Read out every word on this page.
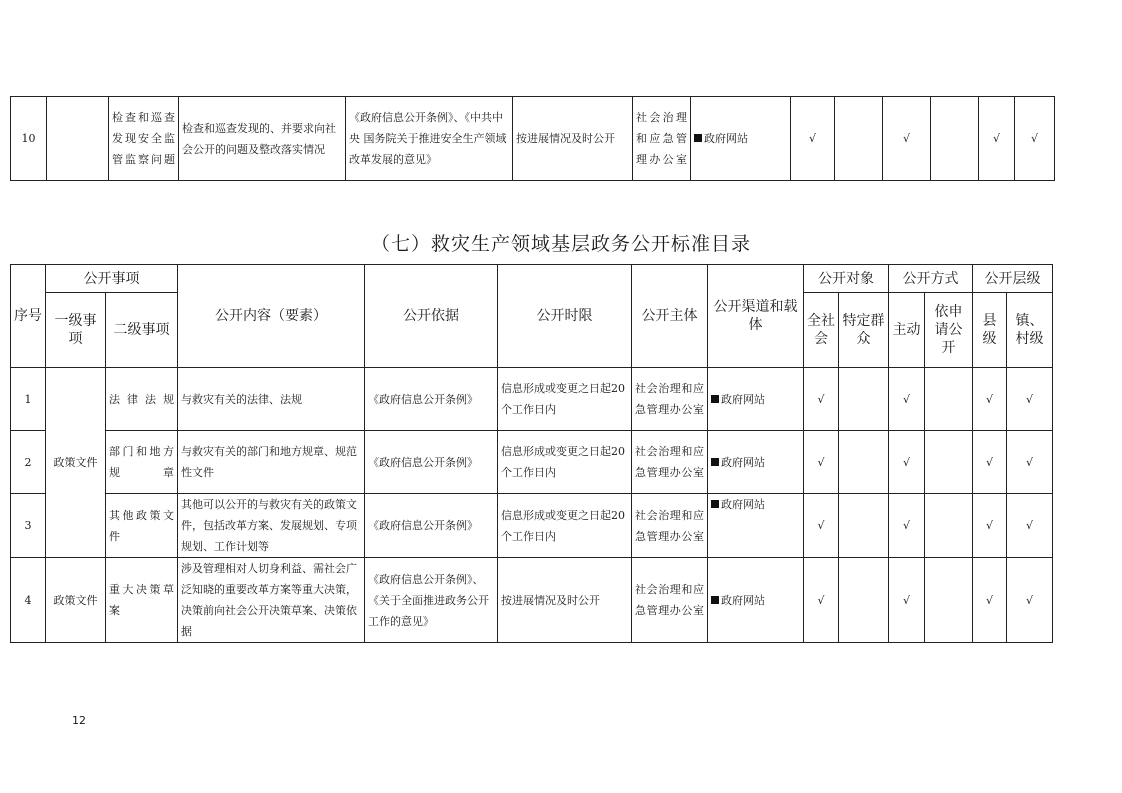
10		检查和巡查发现安全监管监察问题	检查和巡查发现的、并要求向社会公开的问题及整改落实情况	《政府信息公开条例》、《中共中央 国务院关于推进安全生产领域改革发展的意见》	按进展情况及时公开	社会治理和应急管理办公室	政府网站	√		√		√	√
（七）救灾生产领域基层政务公开标准目录
序号	公开事项		公开内容（要素）	公开依据	公开时限	公开主体	公开渠道和载体	公开对象		公开方式		公开层级	
	一级事项	二级事项						全社会	特定群众	主动	依申请公开	县级	镇、村级
1	政策文件	法律法规	与救灾有关的法律、法规	《政府信息公开条例》	信息形成或变更之日起20个工作日内	社会治理和应急管理办公室	政府网站	√		√		√	√
2		部门和地方规章	与救灾有关的部门和地方规章、规范性文件	《政府信息公开条例》	信息形成或变更之日起20个工作日内	社会治理和应急管理办公室	政府网站	√		√		√	√
3		其他政策文件	其他可以公开的与救灾有关的政策文件，包括改革方案、发展规划、专项规划、工作计划等	《政府信息公开条例》	信息形成或变更之日起20个工作日内	社会治理和应急管理办公室	政府网站	√		√		√	√
4	政策文件	重大决策草案	涉及管理相对人切身利益、需社会广泛知晓的重要改革方案等重大决策，决策前向社会公开决策草案、决策依据	《政府信息公开条例》、《关于全面推进政务公开工作的意见》	按进展情况及时公开	社会治理和应急管理办公室	政府网站	√		√		√	√
12
